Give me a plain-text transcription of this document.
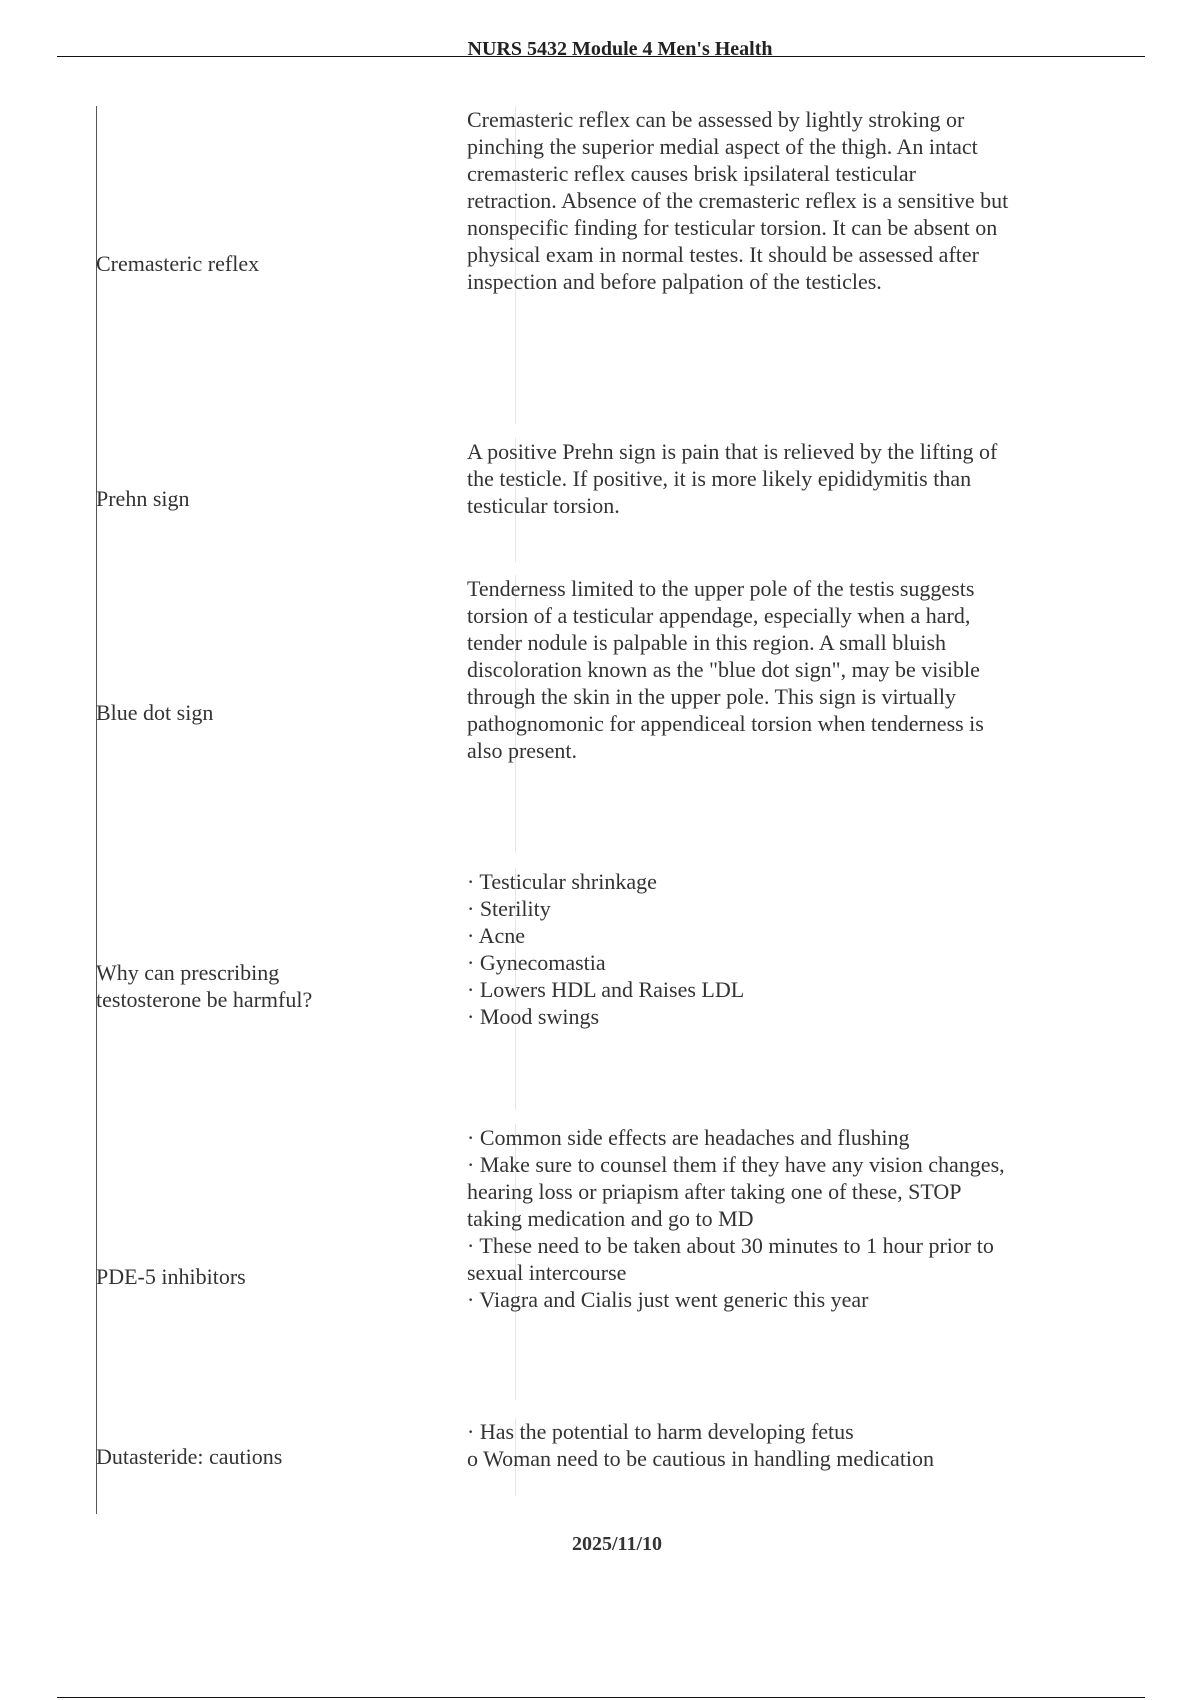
NURS 5432 Module 4 Men's Health
Cremasteric reflex
Cremasteric reflex can be assessed by lightly stroking or
pinching the superior medial aspect of the thigh. An intact
cremasteric reflex causes brisk ipsilateral testicular
retraction. Absence of the cremasteric reflex is a sensitive but
nonspecific finding for testicular torsion. It can be absent on
physical exam in normal testes. It should be assessed after
inspection and before palpation of the testicles.
Prehn sign
A positive Prehn sign is pain that is relieved by the lifting of
the testicle. If positive, it is more likely epididymitis than
testicular torsion.
Blue dot sign
Tenderness limited to the upper pole of the testis suggests
torsion of a testicular appendage, especially when a hard,
tender nodule is palpable in this region. A small bluish
discoloration known as the "blue dot sign", may be visible
through the skin in the upper pole. This sign is virtually
pathognomonic for appendiceal torsion when tenderness is
also present.
Why can prescribing
testosterone be harmful?
· Testicular shrinkage
· Sterility
· Acne
· Gynecomastia
· Lowers HDL and Raises LDL
· Mood swings
PDE-5 inhibitors
· Common side effects are headaches and flushing
· Make sure to counsel them if they have any vision changes,
hearing loss or priapism after taking one of these, STOP
taking medication and go to MD
· These need to be taken about 30 minutes to 1 hour prior to
sexual intercourse
· Viagra and Cialis just went generic this year
Dutasteride: cautions
· Has the potential to harm developing fetus
o Woman need to be cautious in handling medication
2025/11/10
